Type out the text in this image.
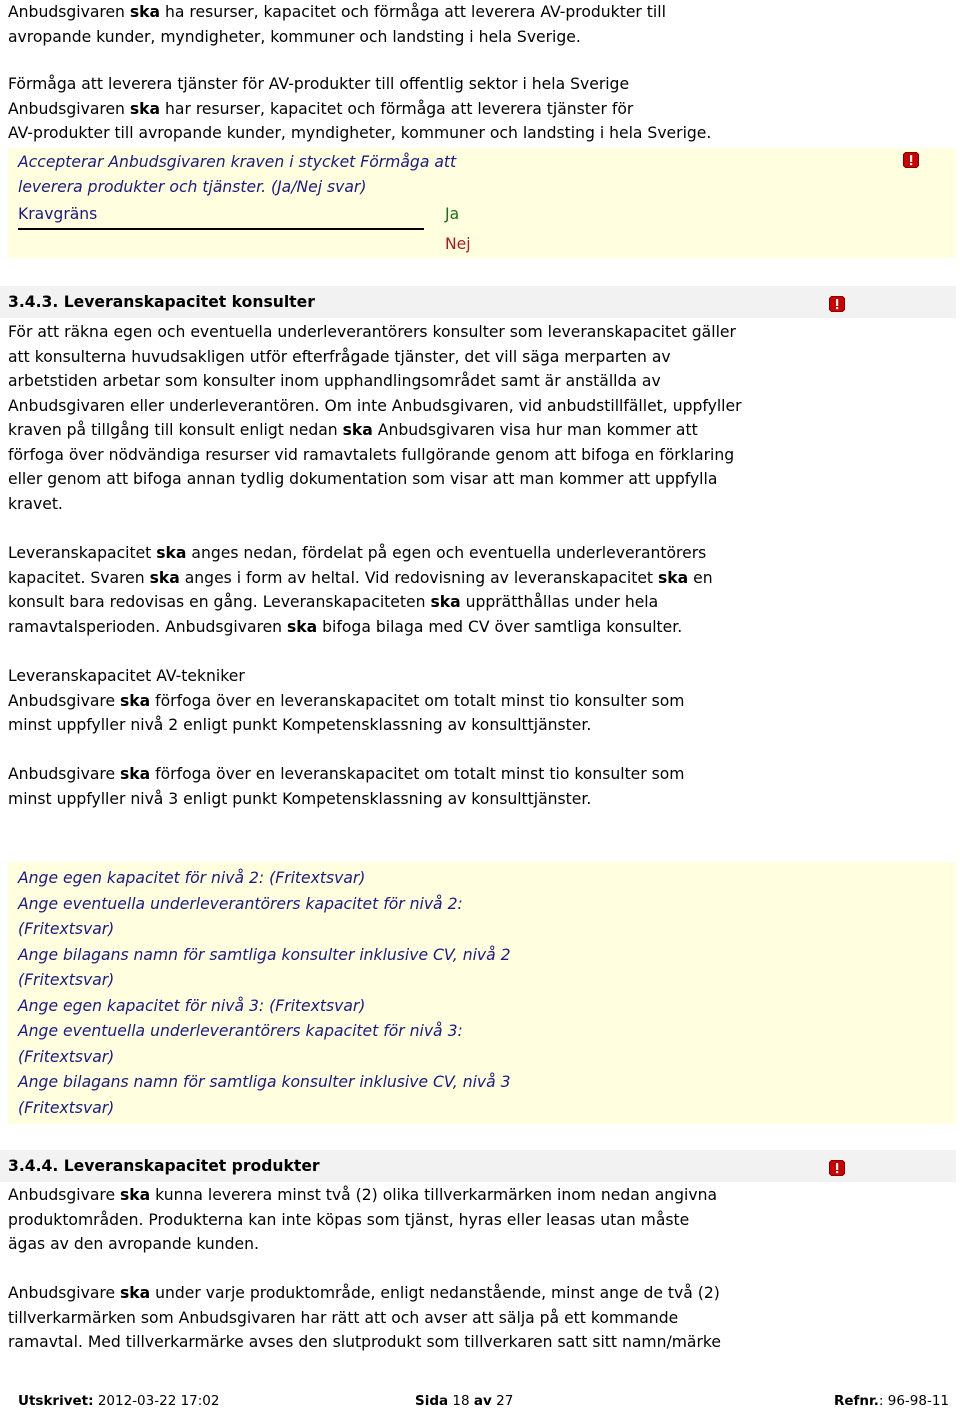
Anbudsgivaren ska ha resurser, kapacitet och förmåga att leverera AV-produkter till
avropande kunder, myndigheter, kommuner och landsting i hela Sverige.
Förmåga att leverera tjänster för AV-produkter till offentlig sektor i hela Sverige
Anbudsgivaren ska har resurser, kapacitet och förmåga att leverera tjänster för
AV-produkter till avropande kunder, myndigheter, kommuner och landsting i hela Sverige.
Accepterar Anbudsgivaren kraven i stycket Förmåga att
leverera produkter och tjänster. (Ja/Nej svar)
Kravgräns	Ja
Nej
3.4.3. Leveranskapacitet konsulter
För att räkna egen och eventuella underleverantörers konsulter som leveranskapacitet gäller
att konsulterna huvudsakligen utför efterfrågade tjänster, det vill säga merparten av
arbetstiden arbetar som konsulter inom upphandlingsområdet samt är anställda av
Anbudsgivaren eller underleverantören. Om inte Anbudsgivaren, vid anbudstillfället, uppfyller
kraven på tillgång till konsult enligt nedan ska Anbudsgivaren visa hur man kommer att
förfoga över nödvändiga resurser vid ramavtalets fullgörande genom att bifoga en förklaring
eller genom att bifoga annan tydlig dokumentation som visar att man kommer att uppfylla
kravet.
Leveranskapacitet ska anges nedan, fördelat på egen och eventuella underleverantörers
kapacitet. Svaren ska anges i form av heltal. Vid redovisning av leveranskapacitet ska en
konsult bara redovisas en gång. Leveranskapaciteten ska upprätthållas under hela
ramavtalsperioden. Anbudsgivaren ska bifoga bilaga med CV över samtliga konsulter.
Leveranskapacitet AV-tekniker
Anbudsgivare ska förfoga över en leveranskapacitet om totalt minst tio konsulter som
minst uppfyller nivå 2 enligt punkt Kompetensklassning av konsulttjänster.
Anbudsgivare ska förfoga över en leveranskapacitet om totalt minst tio konsulter som
minst uppfyller nivå 3 enligt punkt Kompetensklassning av konsulttjänster.
Ange egen kapacitet för nivå 2: (Fritextsvar)
Ange eventuella underleverantörers kapacitet för nivå 2:
(Fritextsvar)
Ange bilagans namn för samtliga konsulter inklusive CV, nivå 2
(Fritextsvar)
Ange egen kapacitet för nivå 3: (Fritextsvar)
Ange eventuella underleverantörers kapacitet för nivå 3:
(Fritextsvar)
Ange bilagans namn för samtliga konsulter inklusive CV, nivå 3
(Fritextsvar)
3.4.4. Leveranskapacitet produkter
Anbudsgivare ska kunna leverera minst två (2) olika tillverkarmärken inom nedan angivna
produktområden. Produkterna kan inte köpas som tjänst, hyras eller leasas utan måste
ägas av den avropande kunden.
Anbudsgivare ska under varje produktområde, enligt nedanstående, minst ange de två (2)
tillverkarmärken som Anbudsgivaren har rätt att och avser att sälja på ett kommande
ramavtal. Med tillverkarmärke avses den slutprodukt som tillverkaren satt sitt namn/märke
Utskrivet: 2012-03-22 17:02	Sida 18 av 27	Refnr.: 96-98-11
